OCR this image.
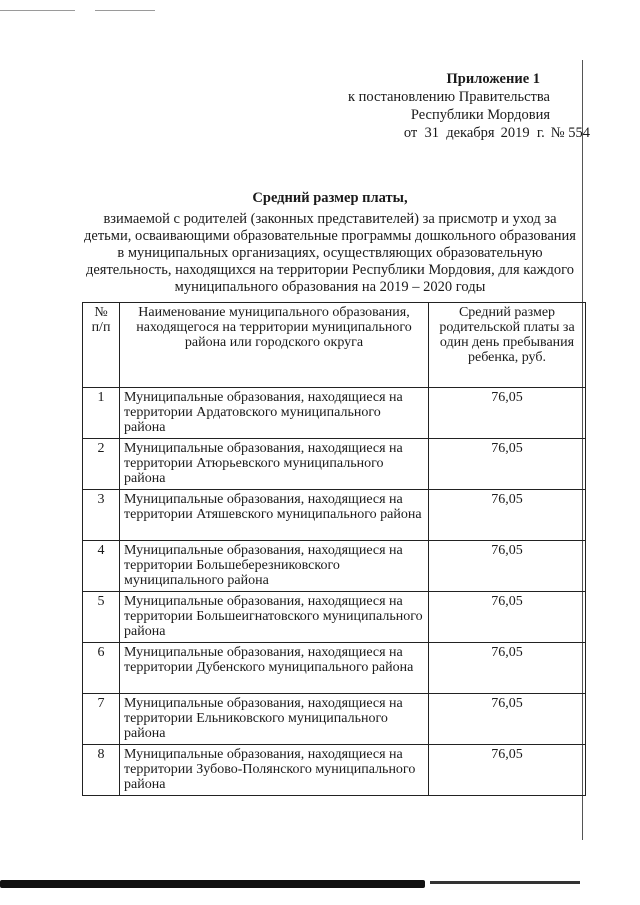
Приложение 1
к постановлению Правительства
Республики Мордовия
от  31  декабря 2019  г. № 554
Средний размер платы,
взимаемой с родителей (законных представителей) за присмотр и уход за детьми, осваивающими образовательные программы дошкольного образования в муниципальных организациях, осуществляющих образовательную деятельность, находящихся на территории Республики Мордовия, для каждого муниципального образования на 2019 – 2020 годы
№ п/п	Наименование муниципального образования, находящегося на территории муниципального района или городского округа	Средний размер родительской платы за один день пребывания ребенка, руб.
1	Муниципальные образования, находящиеся на территории Ардатовского муниципального района	76,05
2	Муниципальные образования, находящиеся на территории Атюрьевского муниципального района	76,05
3	Муниципальные образования, находящиеся на территории Атяшевского муниципального района	76,05
4	Муниципальные образования, находящиеся на территории Большеберезниковского муниципального района	76,05
5	Муниципальные образования, находящиеся на территории Большеигнатовского муниципального района	76,05
6	Муниципальные образования, находящиеся на территории Дубенского муниципального района	76,05
7	Муниципальные образования, находящиеся на территории Ельниковского муниципального района	76,05
8	Муниципальные образования, находящиеся на территории Зубово-Полянского муниципального района	76,05
